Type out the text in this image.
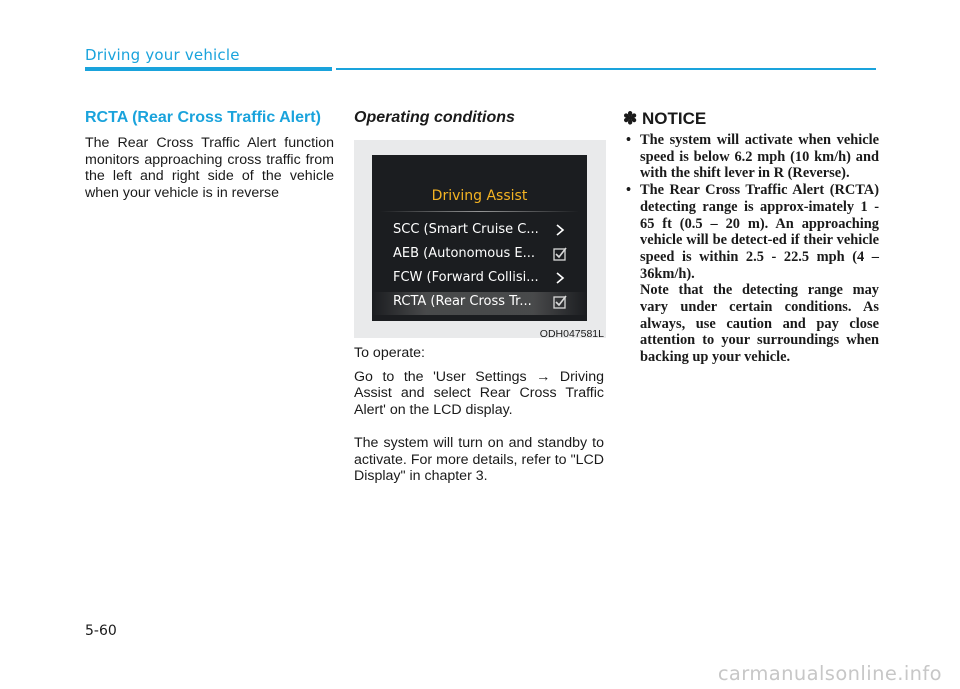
Driving your vehicle
RCTA (Rear Cross Traffic Alert)

The Rear Cross Traffic Alert function monitors approaching cross traffic from the left and right side of the vehicle when your vehicle is in reverse

Operating conditions
Driving Assist
SCC (Smart Cruise C...
AEB (Autonomous E...
FCW (Forward Collisi...
RCTA (Rear Cross Tr...
ODH047581L

To operate:

Go to the 'User Settings → Driving Assist and select Rear Cross Traffic Alert' on the LCD display.

The system will turn on and standby to activate. For more details, refer to "LCD Display" in chapter 3.

✽ NOTICE
• The system will activate when vehicle speed is below 6.2 mph (10 km/h) and with the shift lever in R (Reverse).
• The Rear Cross Traffic Alert (RCTA) detecting range is approx-imately 1 - 65 ft (0.5 – 20 m). An approaching vehicle will be detect-ed if their vehicle speed is within 2.5 - 22.5 mph (4 – 36km/h).
Note that the detecting range may vary under certain conditions. As always, use caution and pay close attention to your surroundings when backing up your vehicle.
5-60
carmanualsonline.info
